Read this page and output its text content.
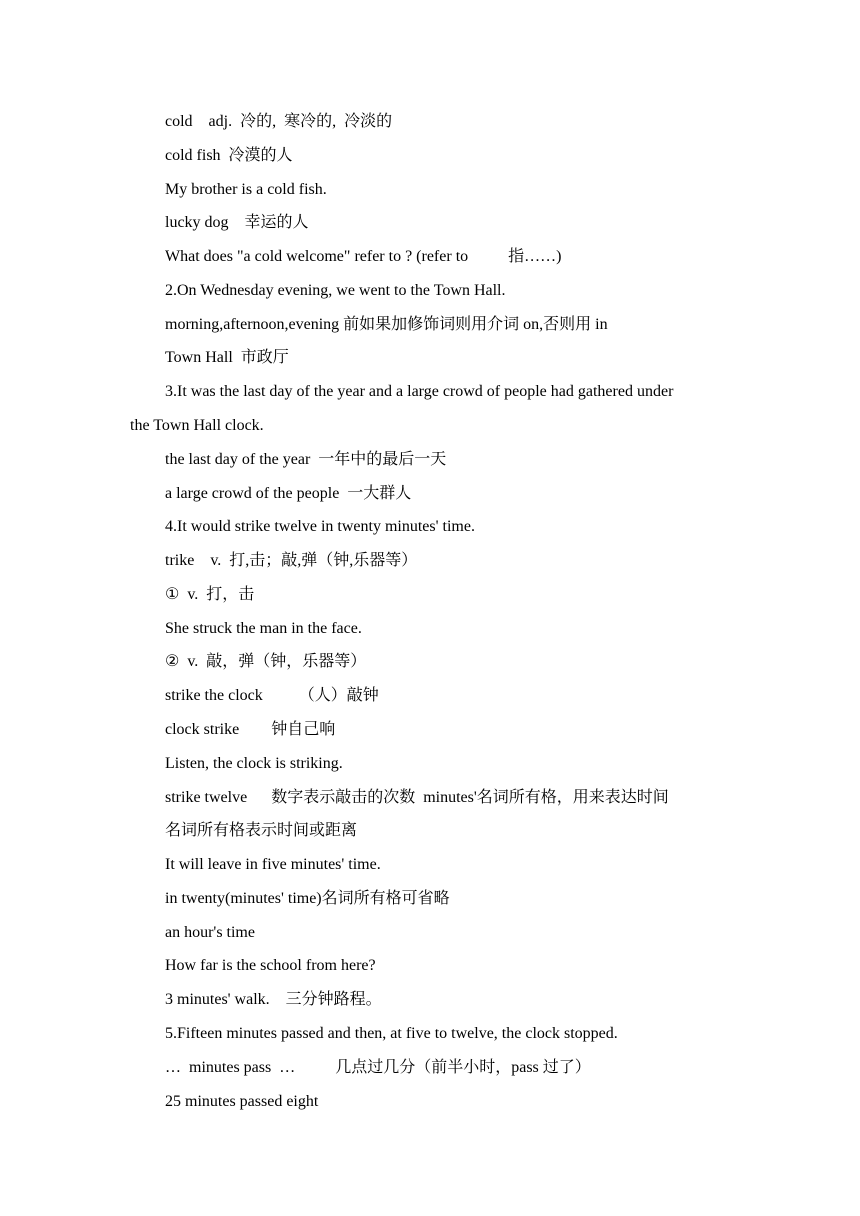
cold    adj.  冷的,  寒冷的,  冷淡的
cold fish  冷漠的人
My brother is a cold fish.
lucky dog    幸运的人
What does "a cold welcome" refer to ? (refer to          指……)
2.On Wednesday evening, we went to the Town Hall.
morning,afternoon,evening 前如果加修饰词则用介词 on,否则用 in
Town Hall  市政厅
3.It was the last day of the year and a large crowd of people had gathered under
the Town Hall clock.
the last day of the year  一年中的最后一天
a large crowd of the people  一大群人
4.It would strike twelve in twenty minutes' time.
trike    v.  打,击；敲,弹（钟,乐器等）
①  v.  打，击
She struck the man in the face.
②  v.  敲，弹（钟，乐器等）
strike the clock         （人）敲钟
clock strike        钟自己响
Listen, the clock is striking.
strike twelve      数字表示敲击的次数  minutes'名词所有格，用来表达时间
名词所有格表示时间或距离
It will leave in five minutes' time.
in twenty(minutes' time)名词所有格可省略
an hour's time
How far is the school from here?
3 minutes' walk.    三分钟路程。
5.Fifteen minutes passed and then, at five to twelve, the clock stopped.
…  minutes pass  …          几点过几分（前半小时，pass 过了）
25 minutes passed eight
